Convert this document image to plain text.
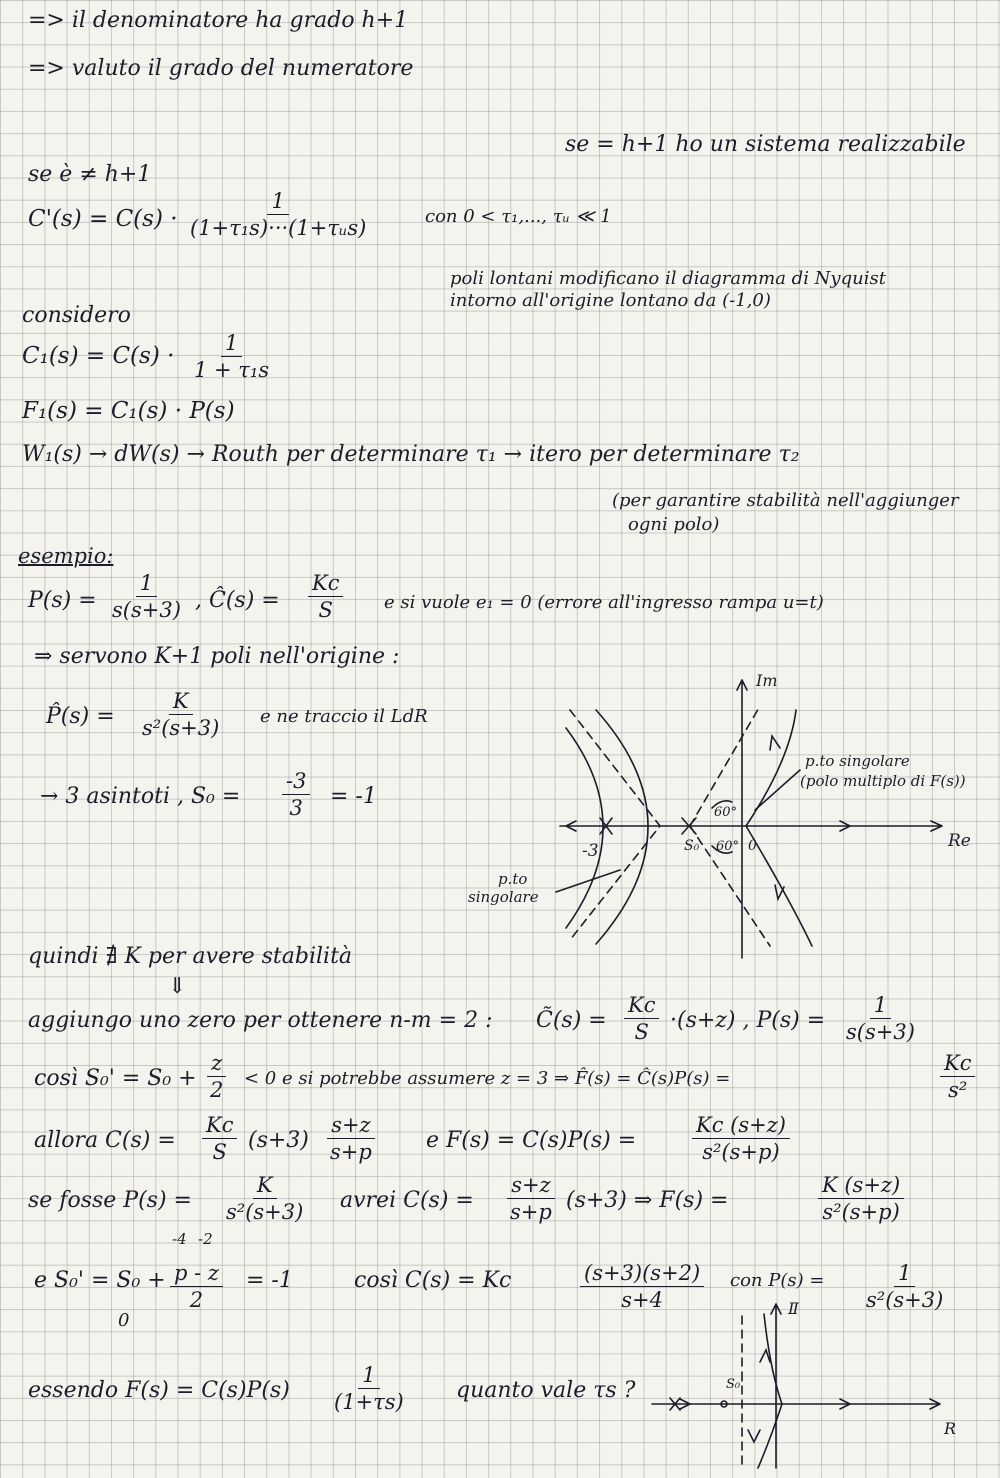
=> il denominatore ha grado h+1
=> valuto il grado del numeratore
se = h+1 ho un sistema realizzabile
se è ≠ h+1
C'(s) = C(s) ·
1
(1+τ₁s)···(1+τᵤs)	con 0 < τ₁,..., τᵤ ≪ 1
poli lontani modificano il diagramma di Nyquist
intorno all'origine lontano da (-1,0)
considero
$C_1(s) = C(s) \cdot \frac{1}{\text{1 + τ₁s}}$
F₁(s) = C₁(s) · P(s)
W₁(s) → dW(s) → Routh per determinare τ₁ → itero per determinare τ₂
(per garantire stabilità nell'aggiunger
ogni polo)
esempio:
$P(s) = \frac{1}{s(s+3)}$ , Ĉ(s) = $\frac{Kc}{S}$ e si vuole e₁ = 0 (errore all'ingresso rampa u=t)
⇒ servono K+1 poli nell'origine :
P̂(s) = $\frac{K}{\text{s²(s+3)}}$ e ne traccio il LdR
→ 3 asintoti , $S_0 = \frac{-3}{3} = -1$
Im
Re
-3	S₀
60°
60° 0
p.to singolare
(polo multiplo di F(s))
p.to
singolare
quindi ∄ K per avere stabilità
⇓
aggiungo uno zero per ottenere n-m = 2 : C̃(s) = $\frac{Kc}{S} \cdot(s+z)$ , $P(s) = \frac{1}{s(s+3)}$
così $S_0' = S_0 + \frac{z}{2} < 0$ e si potrebbe assumere z = 3 ⇒ F̂(s) = Ĉ(s)P(s) =	$\frac{Kc}{\text{s²}}$
allora $C(s) = \frac{Kc}{S} (s+3) \frac{s+z}{s+p}$ e F(s) = C(s)P(s) =	$\frac{Kc (s+z)}{\text{s²(s+p)}}$
se fosse $P(s) = \frac{K}{\text{s²(s+3)}}$ avrei $C(s) = \frac{s+z}{s+p} (s+3)$ ⇒ F(s) =	$\frac{K (s+z)}{\text{s²(s+p)}}$
-4 -2
e $S_0' = S_0 + \frac{p - z}{2} = -1$
0
così C(s) = Kc	$\frac{(s+3)(s+2)}{s+4}$ con $P(s) = \frac{1}{\text{s²(s+3)}}$
essendo $F(s) = C(s)P(s) \frac{1}{(1+\tau s)}$ quanto vale τs ?
Ⅱ
R
S₀'
